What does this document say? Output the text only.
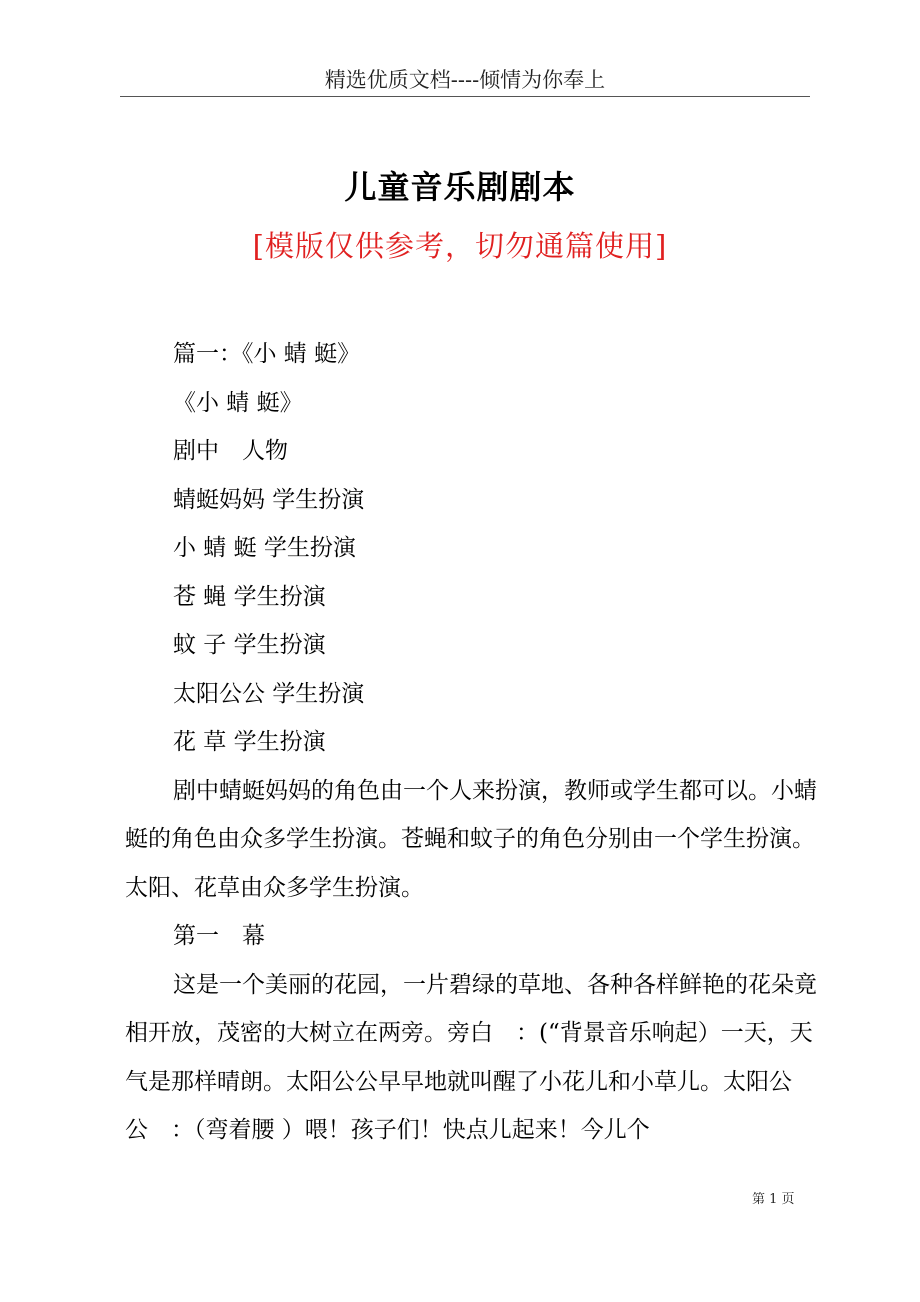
精选优质文档----倾情为你奉上
儿童音乐剧剧本
[模版仅供参考，切勿通篇使用]

篇一：《小 蜻 蜓》

《小 蜻 蜓》

剧中　人物

蜻蜓妈妈 学生扮演

小 蜻 蜓 学生扮演

苍 蝇 学生扮演

蚊 子 学生扮演

太阳公公 学生扮演

花 草 学生扮演

剧中蜻蜓妈妈的角色由一个人来扮演，教师或学生都可以。小蜻蜓的角色由众多学生扮演。苍蝇和蚊子的角色分别由一个学生扮演。太阳、花草由众多学生扮演。

第一　幕

这是一个美丽的花园，一片碧绿的草地、各种各样鲜艳的花朵竟相开放，茂密的大树立在两旁。旁白　：(“背景音乐响起）一天，天气是那样晴朗。太阳公公早早地就叫醒了小花儿和小草儿。太阳公公　：（弯着腰 ）喂！孩子们！快点儿起来！今儿个

第 1 页
